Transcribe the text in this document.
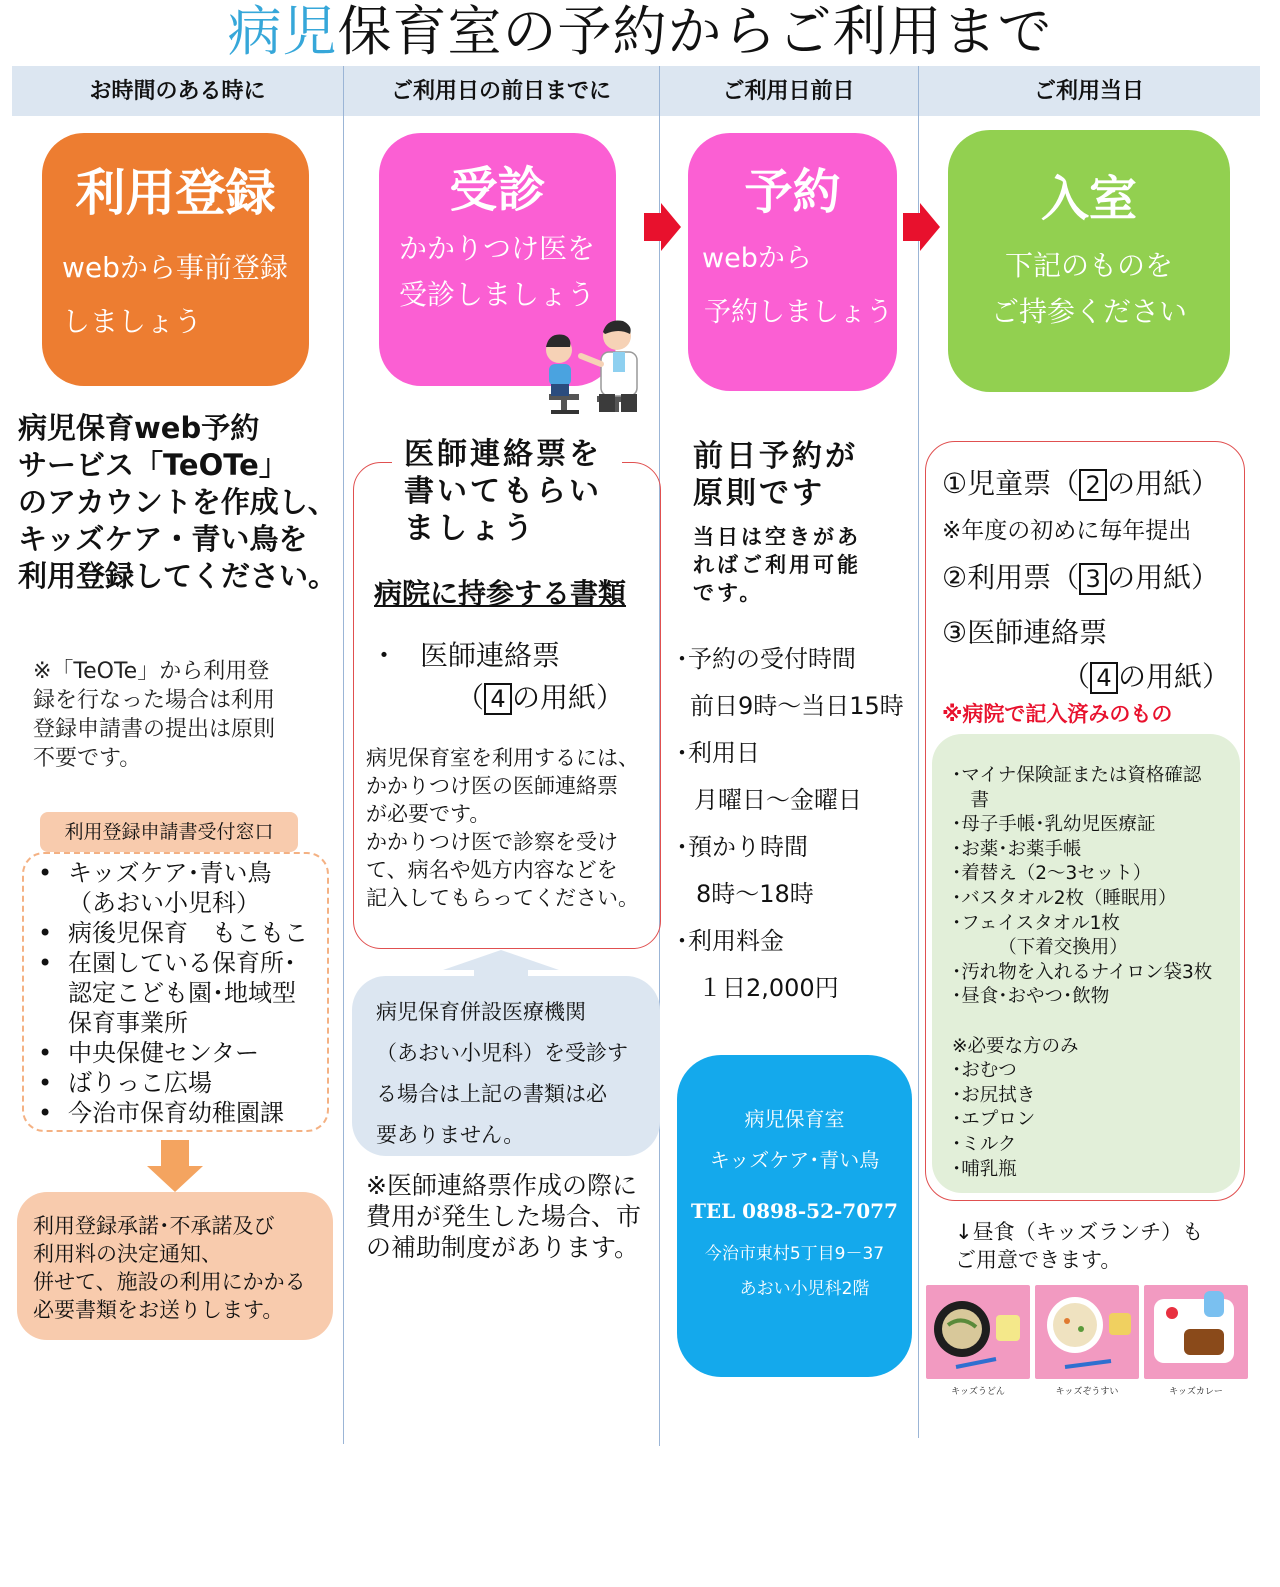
病児保育室の予約からご利用まで
お時間のある時に	ご利用日の前日までに	ご利用日前日	ご利用当日
利用登録
webから事前登録
しましょう
病児保育web予約
サービス「TeOTe」
のアカウントを作成し、
キッズケア・青い鳥を
利用登録してください。
※「TeOTe」から利用登
録を行なった場合は利用
登録申請書の提出は原則
不要です。
利用登録申請書受付窓口
• キッズケア･青い鳥
（あおい小児科）
• 病後児保育　もこもこ
• 在園している保育所･
認定こども園･地域型
保育事業所
• 中央保健センター
• ばりっこ広場
• 今治市保育幼稚園課
利用登録承諾･不承諾及び
利用料の決定通知、
併せて、施設の利用にかかる
必要書類をお送りします。
受診
かかりつけ医を
受診しましょう
医師連絡票を
書いてもらい
ましょう
病院に持参する書類
・ 医師連絡票
（ 4 の用紙）
病児保育室を利用するには、
かかりつけ医の医師連絡票
が必要です。
かかりつけ医で診察を受け
て、病名や処方内容などを
記入してもらってください。
病児保育併設医療機関
（あおい小児科）を受診す
る場合は上記の書類は必
要ありません。
※医師連絡票作成の際に
費用が発生した場合、市
の補助制度があります。
予約
webから
予約しましょう
前日予約が
原則です
当日は空きがあ
ればご利用可能
です。
･予約の受付時間
前日9時～当日15時
･利用日
月曜日～金曜日
･預かり時間
8時～18時
･利用料金
１日2,000円
病児保育室
キッズケア･青い鳥
TEL 0898-52-7077
今治市東村5丁目9－37
あおい小児科2階
入室
下記のものを
ご持参ください
①児童票（ 2 の用紙）
※年度の初めに毎年提出
②利用票（ 3 の用紙）
③医師連絡票
（ 4 の用紙）
※病院で記入済みのもの
･マイナ保険証または資格確認
　書
･母子手帳･乳幼児医療証
･お薬･お薬手帳
･着替え（2～3セット）
･バスタオル2枚（睡眠用）
･フェイスタオル1枚
　　　（下着交換用）
･汚れ物を入れるナイロン袋3枚
･昼食･おやつ･飲物
※必要な方のみ
･おむつ
･お尻拭き
･エプロン
･ミルク
･哺乳瓶
↓昼食（キッズランチ）も
ご用意できます。
キッズうどん	キッズぞうすい	キッズカレー
